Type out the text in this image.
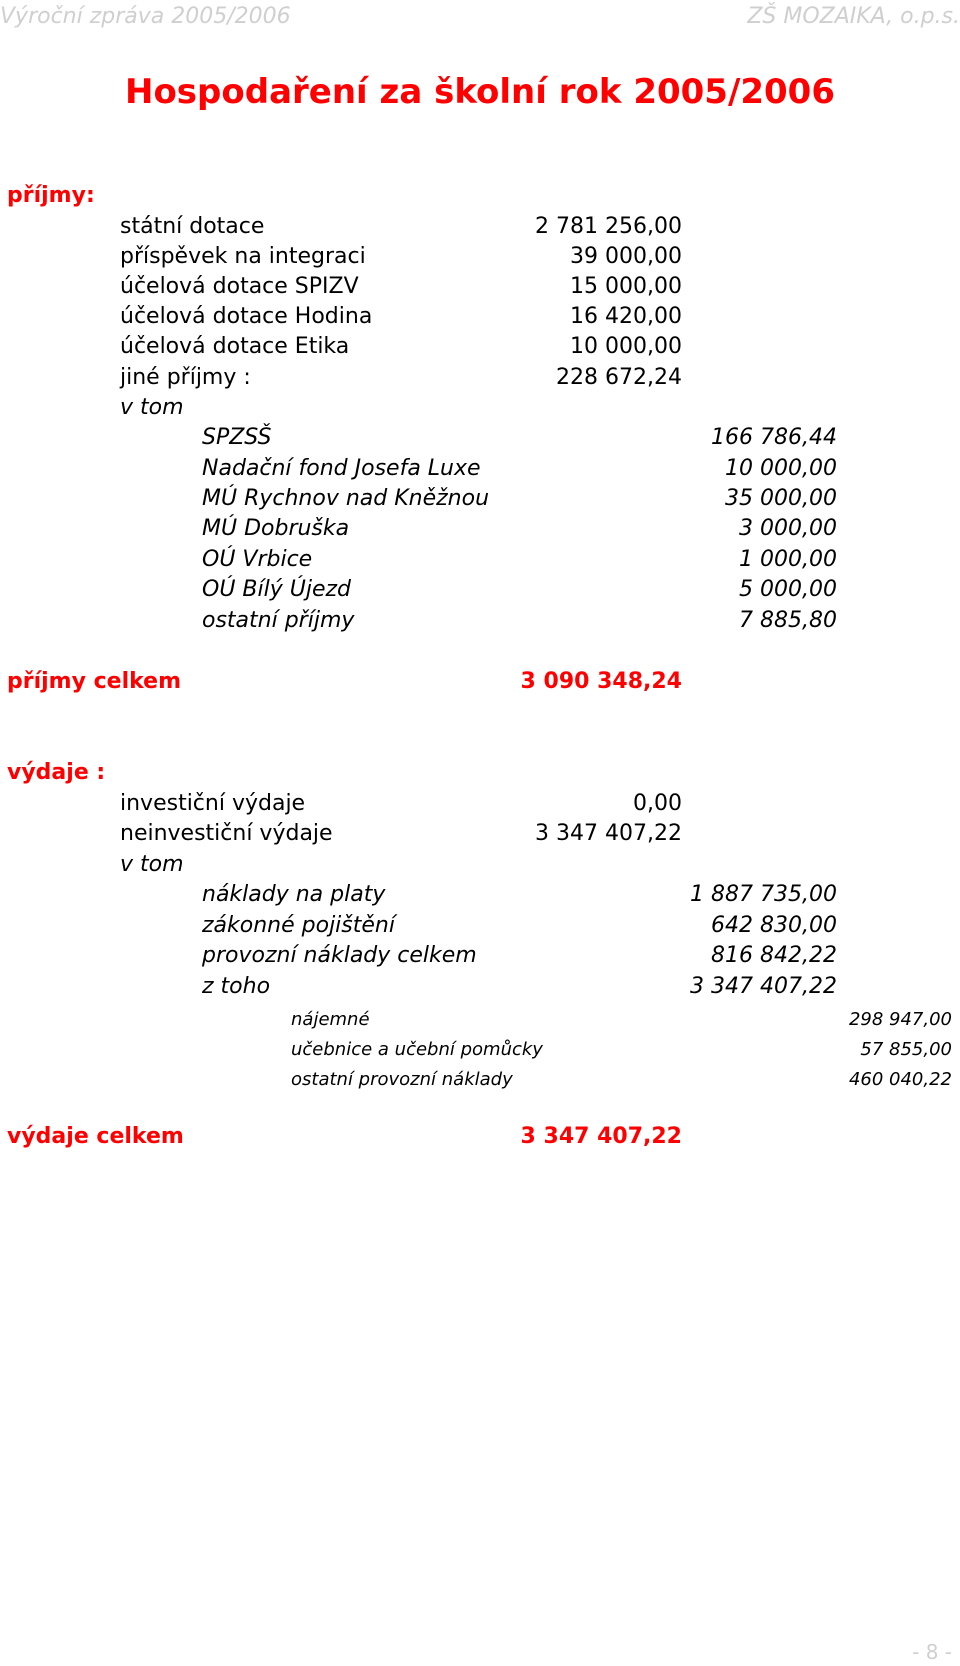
Výroční zpráva 2005/2006	ZŠ MOZAIKA, o.p.s.
Hospodaření za školní rok 2005/2006
příjmy:
státní dotace	2 781 256,00
příspěvek na integraci	39 000,00
účelová dotace SPIZV	15 000,00
účelová dotace Hodina	16 420,00
účelová dotace Etika	10 000,00
jiné příjmy :	228 672,24
v tom
SPZSŠ	166 786,44
Nadační fond Josefa Luxe	10 000,00
MÚ Rychnov nad Kněžnou	35 000,00
MÚ Dobruška	3 000,00
OÚ Vrbice	1 000,00
OÚ Bílý Újezd	5 000,00
ostatní příjmy	7 885,80
příjmy celkem	3 090 348,24
výdaje :
investiční výdaje	0,00
neinvestiční výdaje	3 347 407,22
v tom
náklady na platy	1 887 735,00
zákonné pojištění	642 830,00
provozní náklady celkem	816 842,22
z toho	3 347 407,22
nájemné	298 947,00
učebnice a učební pomůcky	57 855,00
ostatní provozní náklady	460 040,22
výdaje celkem	3 347 407,22
- 8 -
